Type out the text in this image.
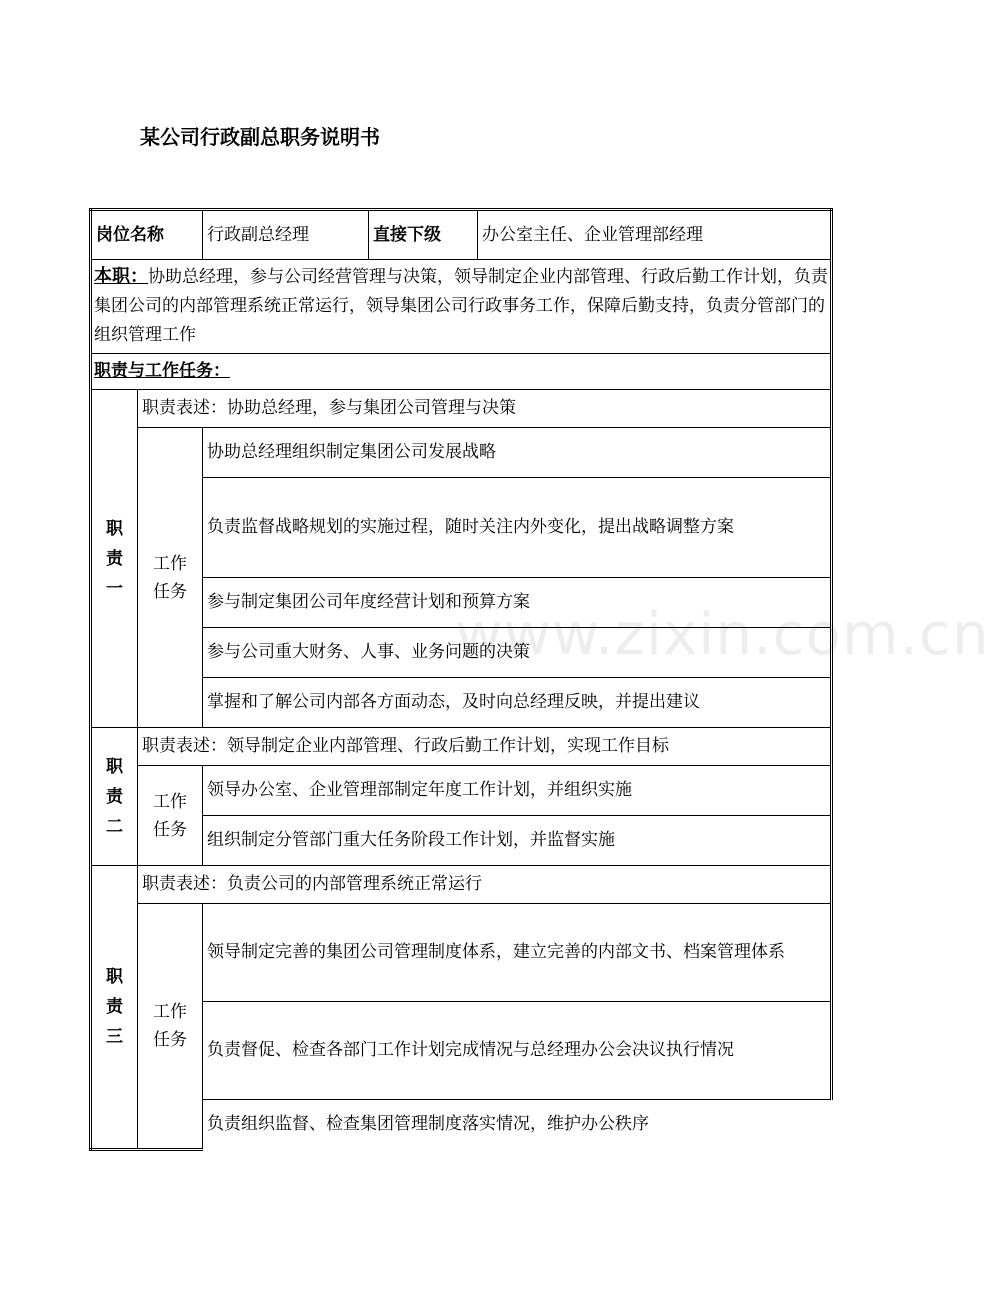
某公司行政副总职务说明书
www.zixin.com.cn
岗位名称		行政副总经理	直接下级	办公室主任、企业管理部经理

本职：协助总经理，参与公司经营管理与决策，领导制定企业内部管理、行政后勤工作计划，负责集团公司的内部管理系统正常运行，领导集团公司行政事务工作，保障后勤支持，负责分管部门的组织管理工作				

职责与工作任务：				

职
责
一	职责表述：协助总经理，参与集团公司管理与决策			

	工作
任务	协助总经理组织制定集团公司发展战略		
		负责监督战略规划的实施过程，随时关注内外变化，提出战略调整方案		
		参与制定集团公司年度经营计划和预算方案		
		参与公司重大财务、人事、业务问题的决策		
		掌握和了解公司内部各方面动态，及时向总经理反映，并提出建议		

职
责
二	职责表述：领导制定企业内部管理、行政后勤工作计划，实现工作目标			

	工作
任务	领导办公室、企业管理部制定年度工作计划，并组织实施		
		组织制定分管部门重大任务阶段工作计划，并监督实施		

职
责
三	职责表述：负责公司的内部管理系统正常运行			

	工作
任务	领导制定完善的集团公司管理制度体系，建立完善的内部文书、档案管理体系		
		负责督促、检查各部门工作计划完成情况与总经理办公会决议执行情况		
		负责组织监督、检查集团管理制度落实情况，维护办公秩序		
